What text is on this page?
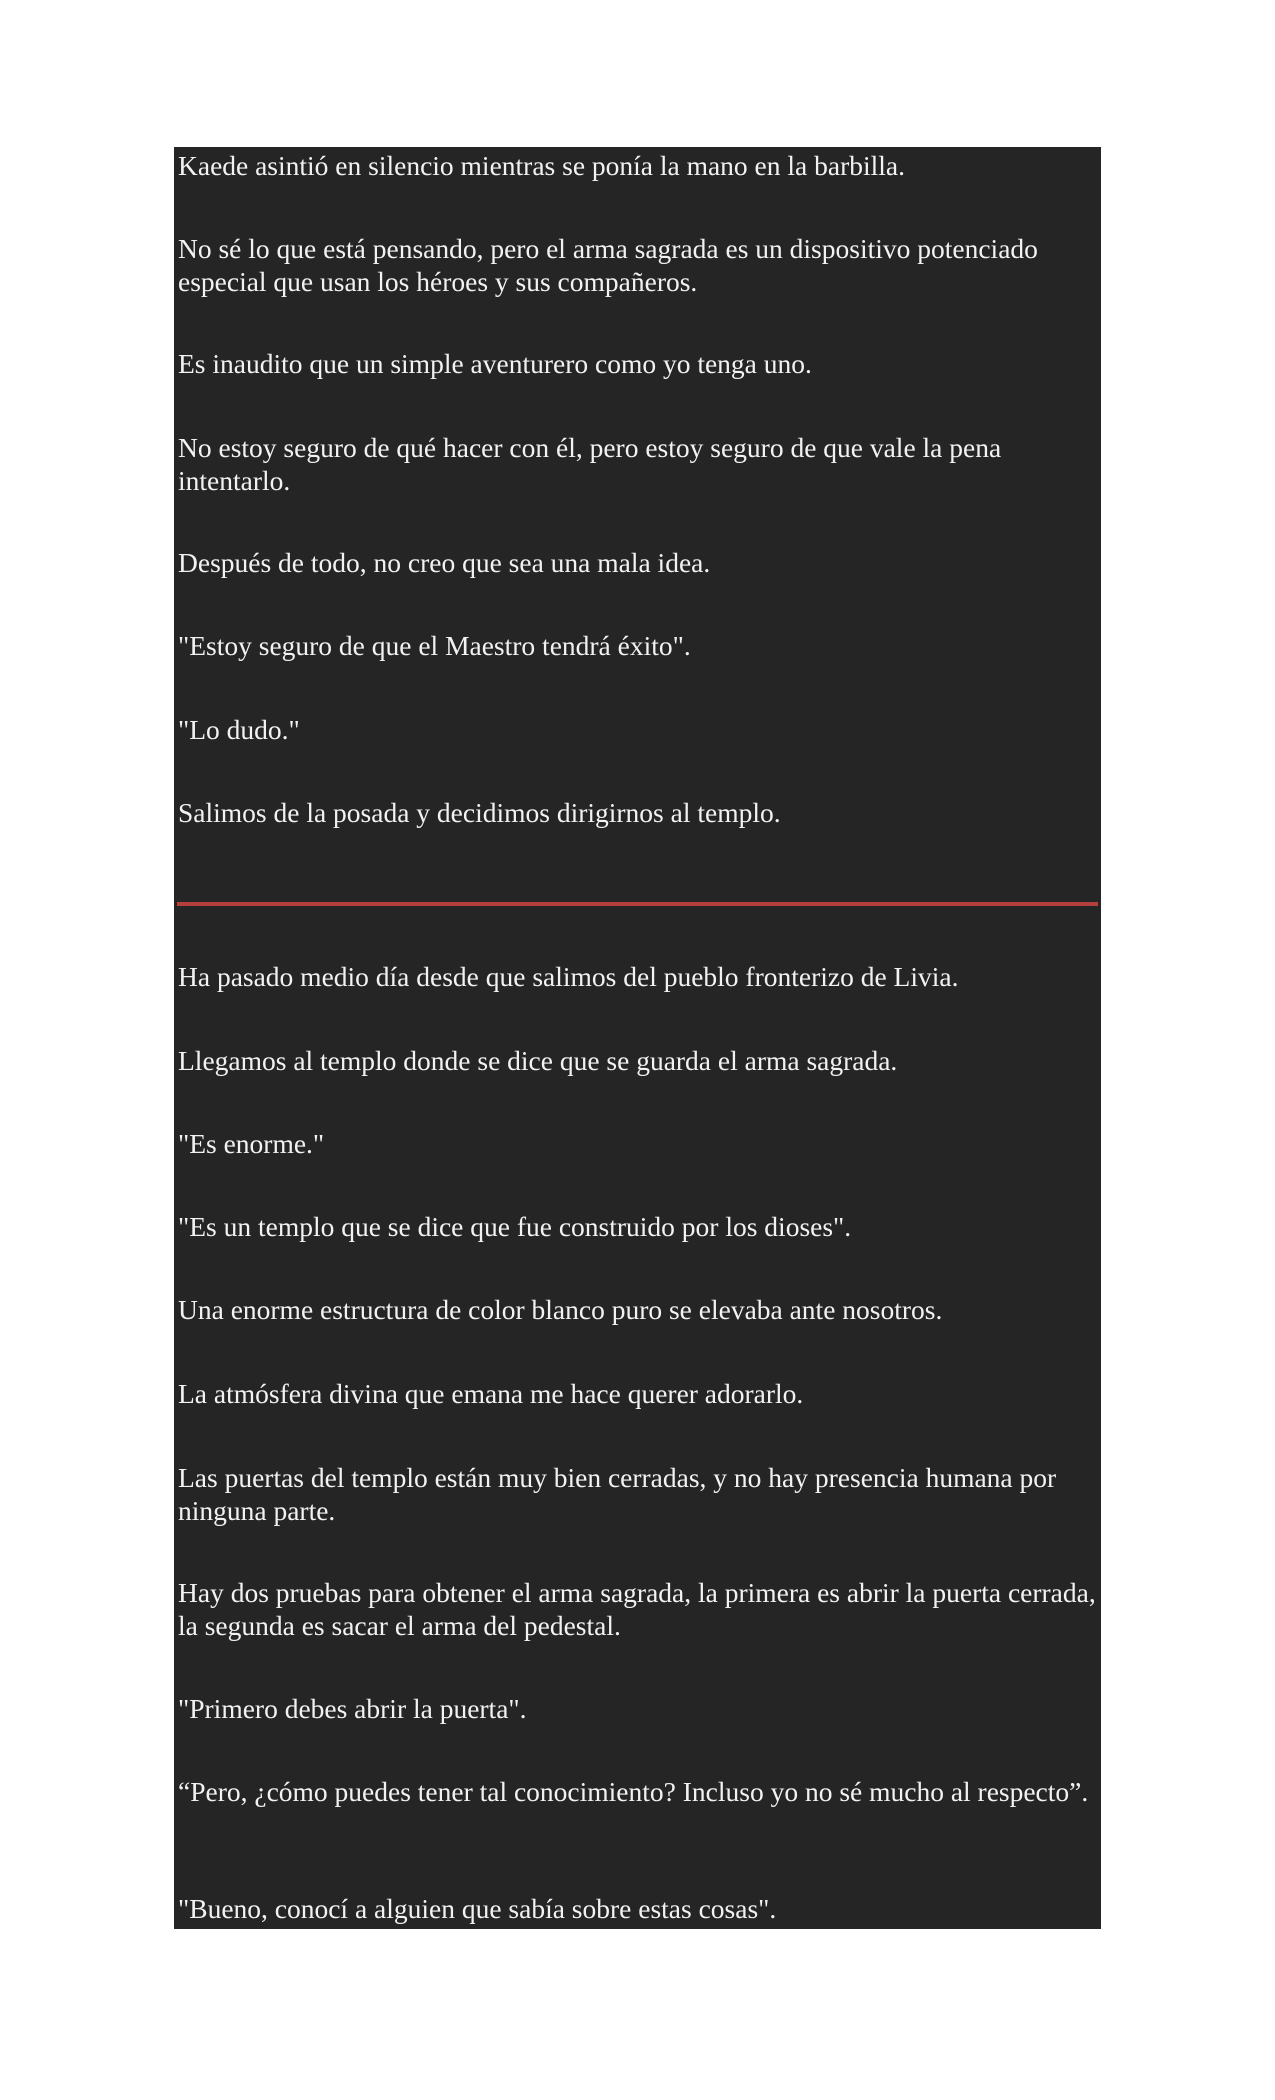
Kaede asintió en silencio mientras se ponía la mano en la barbilla.

No sé lo que está pensando, pero el arma sagrada es un dispositivo potenciado especial que usan los héroes y sus compañeros.

Es inaudito que un simple aventurero como yo tenga uno.

No estoy seguro de qué hacer con él, pero estoy seguro de que vale la pena intentarlo.

Después de todo, no creo que sea una mala idea.

"Estoy seguro de que el Maestro tendrá éxito".

"Lo dudo."

Salimos de la posada y decidimos dirigirnos al templo.

Ha pasado medio día desde que salimos del pueblo fronterizo de Livia.

Llegamos al templo donde se dice que se guarda el arma sagrada.

"Es enorme."

"Es un templo que se dice que fue construido por los dioses".

Una enorme estructura de color blanco puro se elevaba ante nosotros.

La atmósfera divina que emana me hace querer adorarlo.

Las puertas del templo están muy bien cerradas, y no hay presencia humana por ninguna parte.

Hay dos pruebas para obtener el arma sagrada, la primera es abrir la puerta cerrada, la segunda es sacar el arma del pedestal.

"Primero debes abrir la puerta".

“Pero, ¿cómo puedes tener tal conocimiento? Incluso yo no sé mucho al respecto”.

"Bueno, conocí a alguien que sabía sobre estas cosas".
